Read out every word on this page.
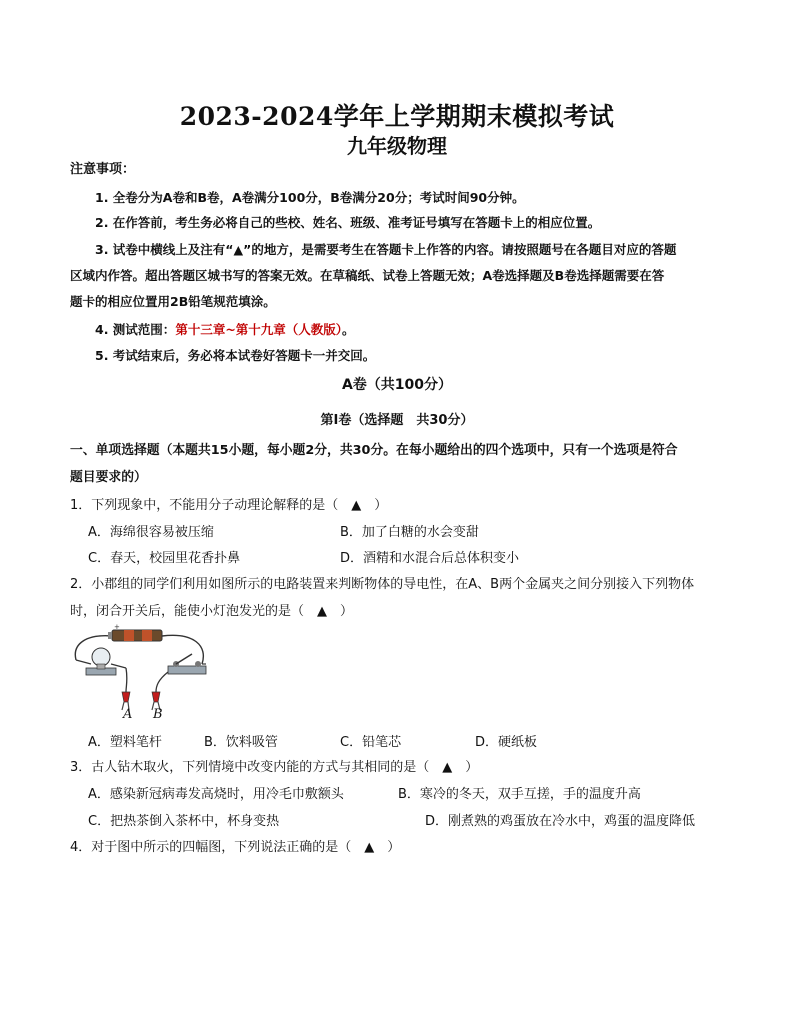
2023-2024学年上学期期末模拟考试
九年级物理
注意事项：
1. 全卷分为A卷和B卷，A卷满分100分，B卷满分20分；考试时间90分钟。
2. 在作答前，考生务必将自己的些校、姓名、班级、准考证号填写在答题卡上的相应位置。
3. 试卷中横线上及注有“▲”的地方，是需要考生在答题卡上作答的内容。请按照题号在各题目对应的答题
区域内作答。超出答题区城书写的答案无效。在草稿纸、试卷上答题无效；A卷选择题及B卷选择题需要在答
题卡的相应位置用2B铅笔规范填涂。
4. 测试范围：第十三章~第十九章（人教版）。
5. 考试结束后，务必将本试卷好答题卡一并交回。
A卷（共100分）
第Ⅰ卷（选择题　共30分）
一、单项选择题（本题共15小题，每小题2分，共30分。在每小题给出的四个选项中，只有一个选项是符合
题目要求的）
1．下列现象中，不能用分子动理论解释的是（　▲　）
A．海绵很容易被压缩	B．加了白糖的水会变甜
C．春天，校园里花香扑鼻	D．酒精和水混合后总体积变小
2．小郡组的同学们利用如图所示的电路装置来判断物体的导电性，在A、B两个金属夹之间分别接入下列物体
时，闭合开关后，能使小灯泡发光的是（　▲　）
+
A B
A．塑料笔杆	B．饮料吸管	C．铅笔芯	D．硬纸板
3．古人钻木取火，下列情境中改变内能的方式与其相同的是（　▲　）
A．感染新冠病毒发高烧时，用冷毛巾敷额头	B．寒冷的冬天，双手互搓，手的温度升高
C．把热茶倒入茶杯中，杯身变热	D．刚煮熟的鸡蛋放在冷水中，鸡蛋的温度降低
4．对于图中所示的四幅图，下列说法正确的是（　▲　）
